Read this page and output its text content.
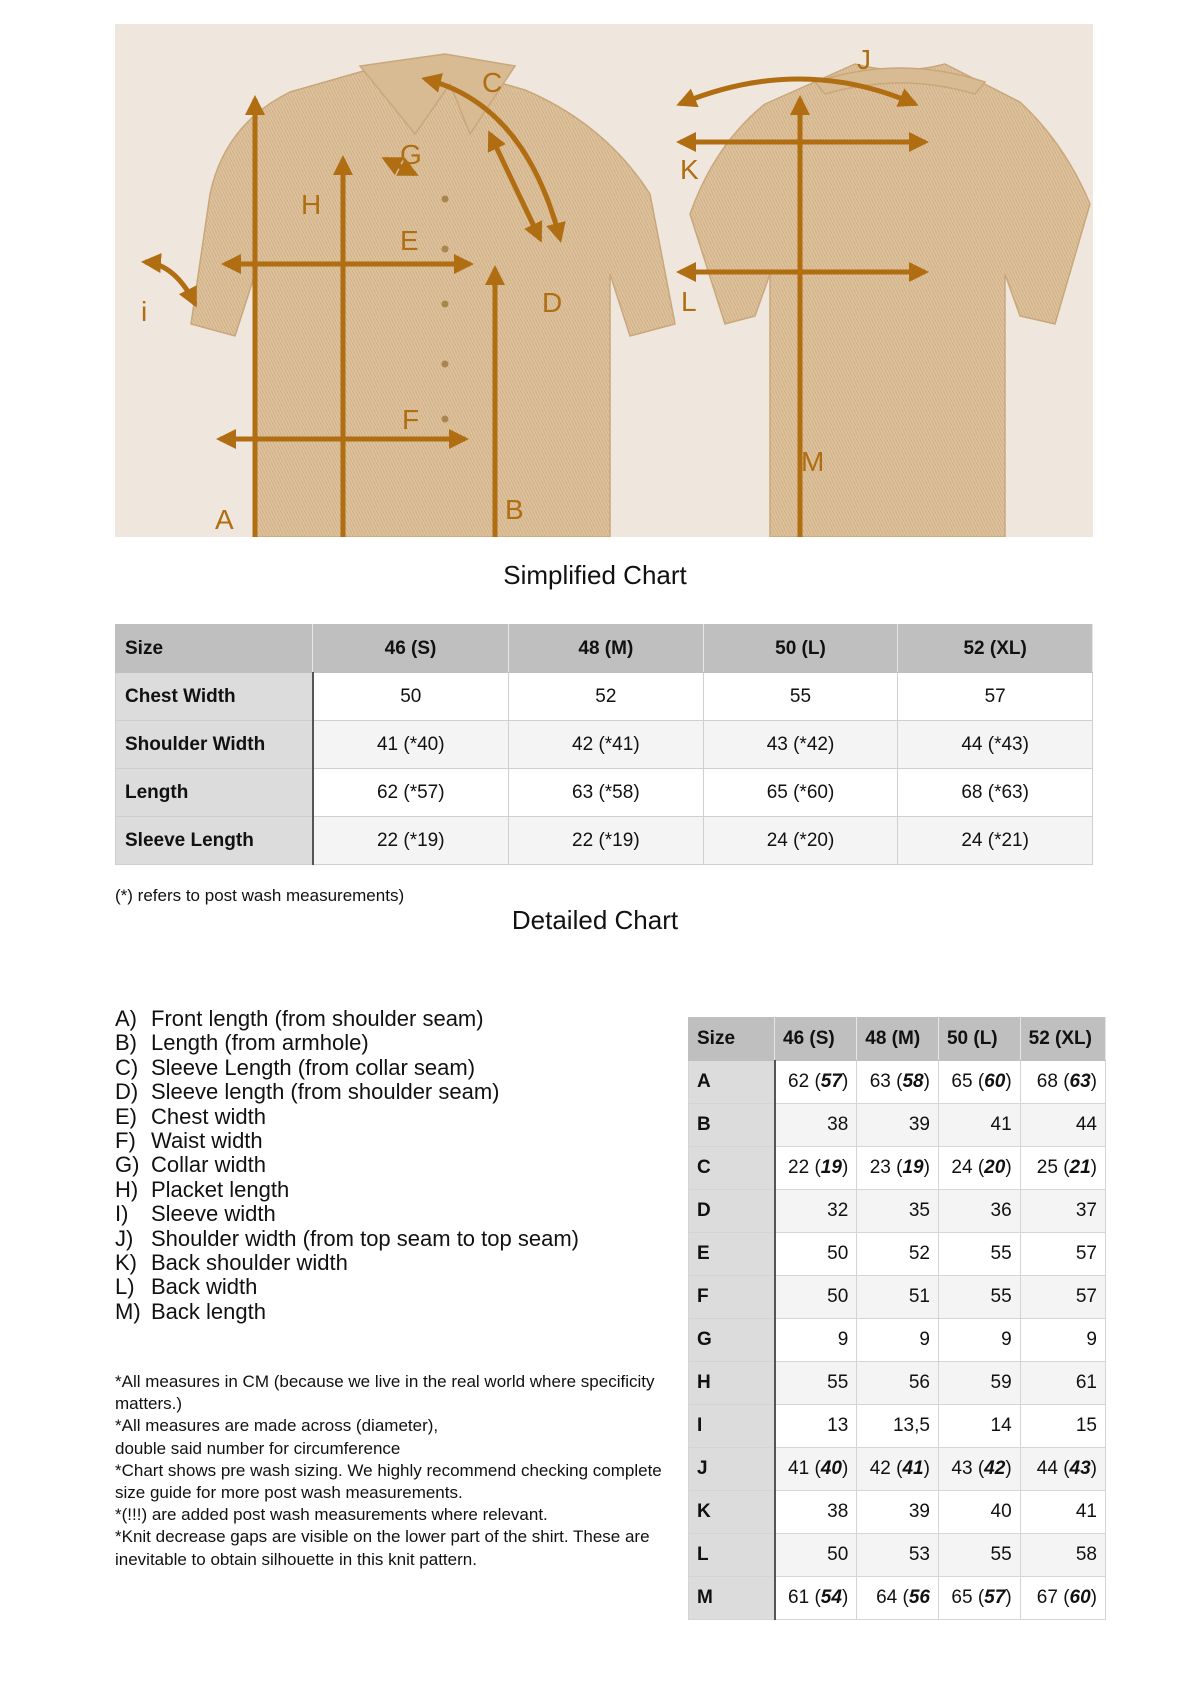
A	B
C
D
E
F
G
H
i
J
K
L
M
Simplified Chart
Size	46 (S)	48 (M)	50 (L)	52 (XL)
Chest Width	50	52	55	57
Shoulder Width	41 (*40)	42 (*41)	43 (*42)	44 (*43)
Length	62 (*57)	63 (*58)	65 (*60)	68 (*63)
Sleeve Length	22 (*19)	22 (*19)	24 (*20)	24 (*21)
(*) refers to post wash measurements)
Detailed Chart
A) Front length (from shoulder seam)
B) Length (from armhole)
C) Sleeve Length (from collar seam)
D) Sleeve length (from shoulder seam)
E) Chest width
F) Waist width
G) Collar width
H) Placket length
I)	Sleeve width
J) Shoulder width (from top seam to top seam)
K) Back shoulder width
L) Back width
M) Back length

*All measures in CM (because we live in the real world where specificity matters.)

*All measures are made across (diameter),

double said number for circumference

*Chart shows pre wash sizing. We highly recommend checking complete size guide for more post wash measurements.

*(!!!) are added post wash measurements where relevant.

*Knit decrease gaps are visible on the lower part of the shirt. These are inevitable to obtain silhouette in this knit pattern.

Size	46 (S)	48 (M)	50 (L)	52 (XL)
A	62 (57)	63 (58)	65 (60)	68 (63)
B	38	39	41	44
C	22 (19)	23 (19)	24 (20)	25 (21)
D	32	35	36	37
E	50	52	55	57
F	50	51	55	57
G	9	9	9	9
H	55	56	59	61
I	13	13,5	14	15
J	41 (40)	42 (41)	43 (42)	44 (43)
K	38	39	40	41
L	50	53	55	58
M	61 (54)	64 (56	65 (57)	67 (60)
